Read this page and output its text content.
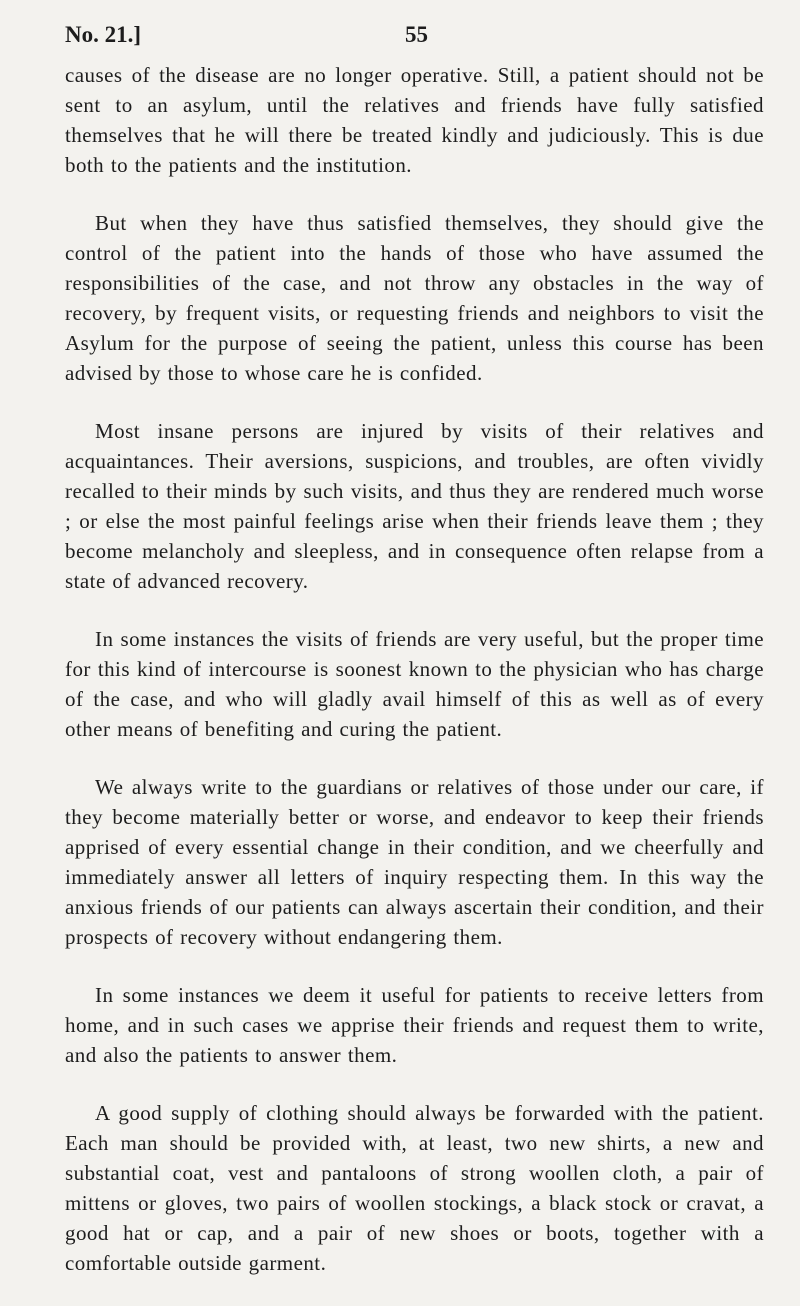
No. 21.]	55

causes of the disease are no longer operative. Still, a patient should not be sent to an asylum, until the relatives and friends have fully satisfied themselves that he will there be treated kindly and judiciously. This is due both to the patients and the institution.

But when they have thus satisfied themselves, they should give the control of the patient into the hands of those who have assumed the responsibilities of the case, and not throw any obstacles in the way of recovery, by frequent visits, or requesting friends and neighbors to visit the Asylum for the purpose of seeing the patient, unless this course has been advised by those to whose care he is confided.

Most insane persons are injured by visits of their relatives and acquaintances. Their aversions, suspicions, and troubles, are often vividly recalled to their minds by such visits, and thus they are rendered much worse ; or else the most painful feelings arise when their friends leave them ; they become melancholy and sleepless, and in consequence often relapse from a state of advanced recovery.

In some instances the visits of friends are very useful, but the proper time for this kind of intercourse is soonest known to the physician who has charge of the case, and who will gladly avail himself of this as well as of every other means of benefiting and curing the patient.

We always write to the guardians or relatives of those under our care, if they become materially better or worse, and endeavor to keep their friends apprised of every essential change in their condition, and we cheerfully and immediately answer all letters of inquiry respecting them. In this way the anxious friends of our patients can always ascertain their condition, and their prospects of recovery without endangering them.

In some instances we deem it useful for patients to receive letters from home, and in such cases we apprise their friends and request them to write, and also the patients to answer them.

A good supply of clothing should always be forwarded with the patient. Each man should be provided with, at least, two new shirts, a new and substantial coat, vest and pantaloons of strong woollen cloth, a pair of mittens or gloves, two pairs of woollen stockings, a black stock or cravat, a good hat or cap, and a pair of new shoes or boots, together with a comfortable outside garment.
